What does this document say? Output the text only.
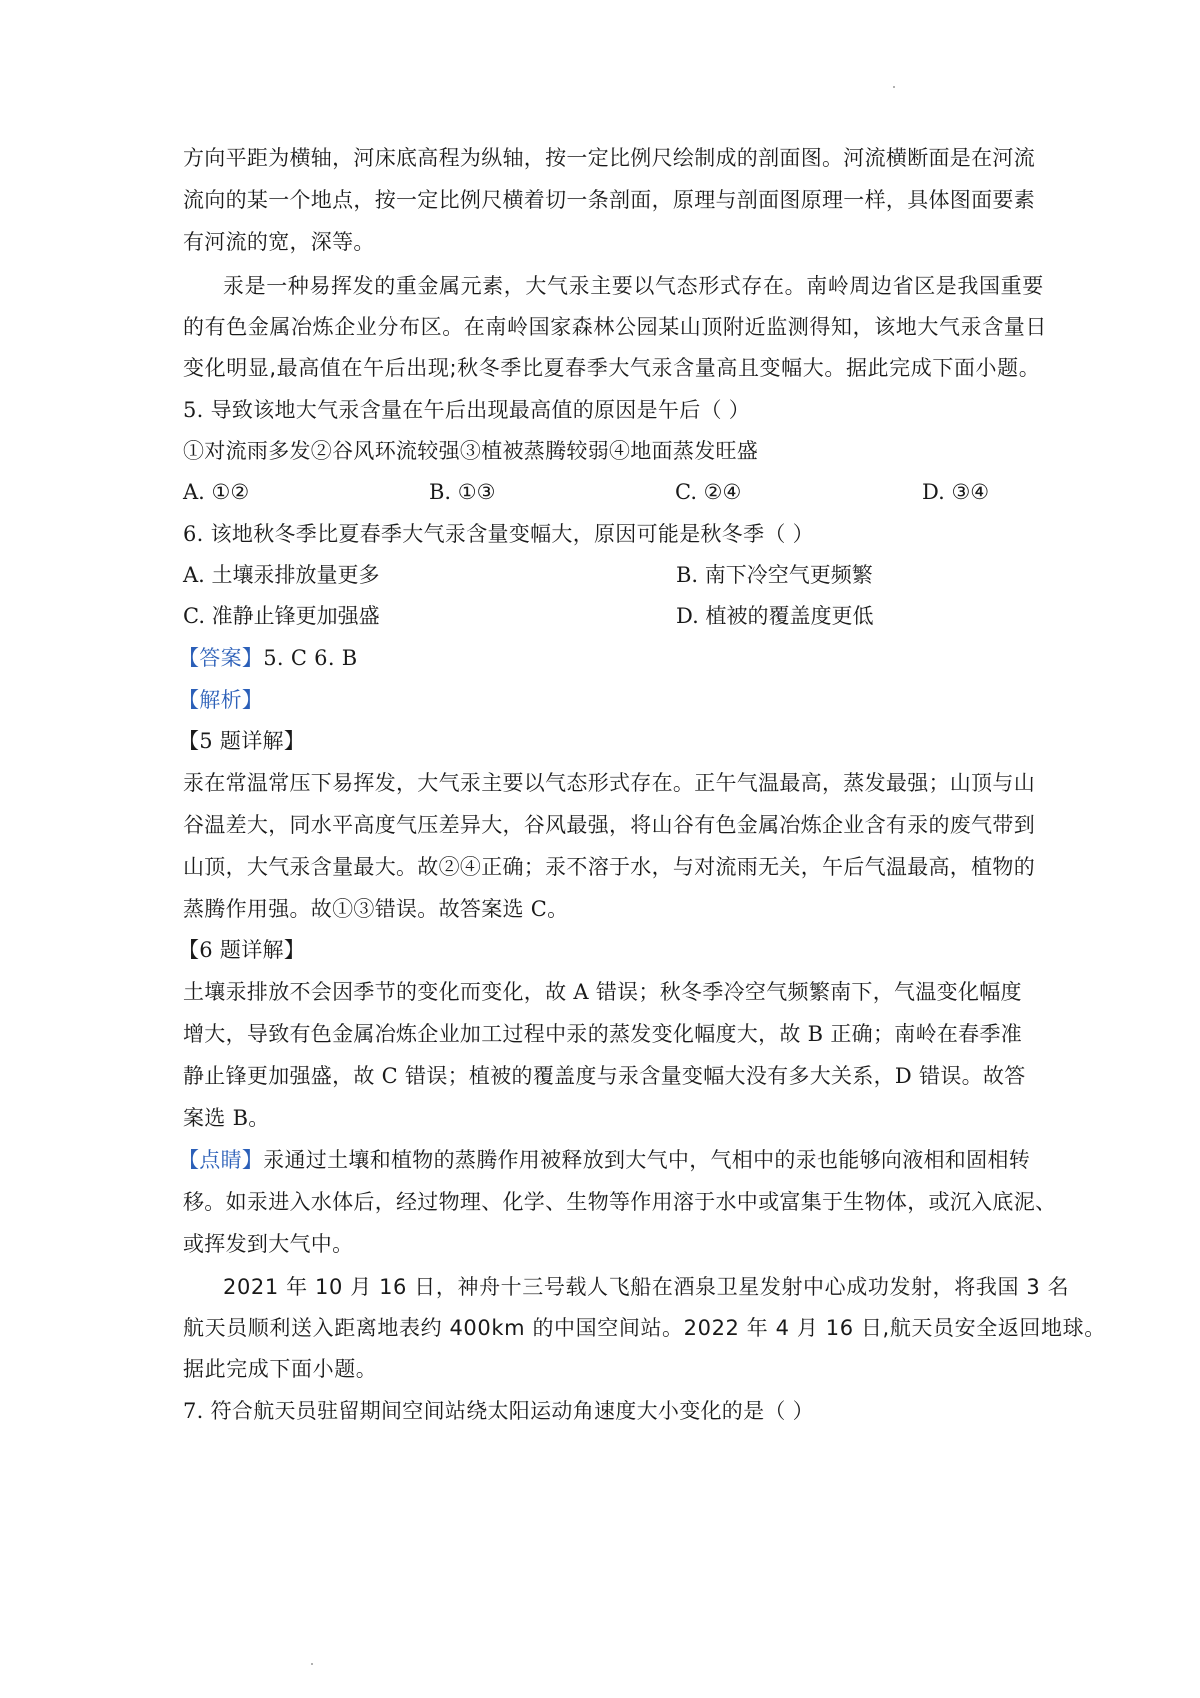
方向平距为横轴，河床底高程为纵轴，按一定比例尺绘制成的剖面图。河流横断面是在河流
流向的某一个地点，按一定比例尺横着切一条剖面，原理与剖面图原理一样，具体图面要素
有河流的宽，深等。
汞是一种易挥发的重金属元素，大气汞主要以气态形式存在。南岭周边省区是我国重要
的有色金属冶炼企业分布区。在南岭国家森林公园某山顶附近监测得知，该地大气汞含量日
变化明显,最高值在午后出现;秋冬季比夏春季大气汞含量高且变幅大。据此完成下面小题。
5. 导致该地大气汞含量在午后出现最高值的原因是午后（ ）
①对流雨多发②谷风环流较强③植被蒸腾较弱④地面蒸发旺盛
A. ①②	B. ①③	C. ②④	D. ③④
6. 该地秋冬季比夏春季大气汞含量变幅大，原因可能是秋冬季（ ）
A. 土壤汞排放量更多	B. 南下冷空气更频繁
C. 准静止锋更加强盛	D. 植被的覆盖度更低
【答案】5. C 6. B
【解析】
【5 题详解】
汞在常温常压下易挥发，大气汞主要以气态形式存在。正午气温最高，蒸发最强；山顶与山
谷温差大，同水平高度气压差异大，谷风最强，将山谷有色金属冶炼企业含有汞的废气带到
山顶，大气汞含量最大。故②④正确；汞不溶于水，与对流雨无关，午后气温最高，植物的
蒸腾作用强。故①③错误。故答案选 C。
【6 题详解】
土壤汞排放不会因季节的变化而变化，故 A 错误；秋冬季冷空气频繁南下，气温变化幅度
增大，导致有色金属冶炼企业加工过程中汞的蒸发变化幅度大，故 B 正确；南岭在春季准
静止锋更加强盛，故 C 错误；植被的覆盖度与汞含量变幅大没有多大关系，D 错误。故答
案选 B。
【点睛】汞通过土壤和植物的蒸腾作用被释放到大气中，气相中的汞也能够向液相和固相转
移。如汞进入水体后，经过物理、化学、生物等作用溶于水中或富集于生物体，或沉入底泥、
或挥发到大气中。
2021 年 10 月 16 日，神舟十三号载人飞船在酒泉卫星发射中心成功发射，将我国 3 名
航天员顺利送入距离地表约 400km 的中国空间站。2022 年 4 月 16 日,航天员安全返回地球。
据此完成下面小题。
7. 符合航天员驻留期间空间站绕太阳运动角速度大小变化的是（ ）
